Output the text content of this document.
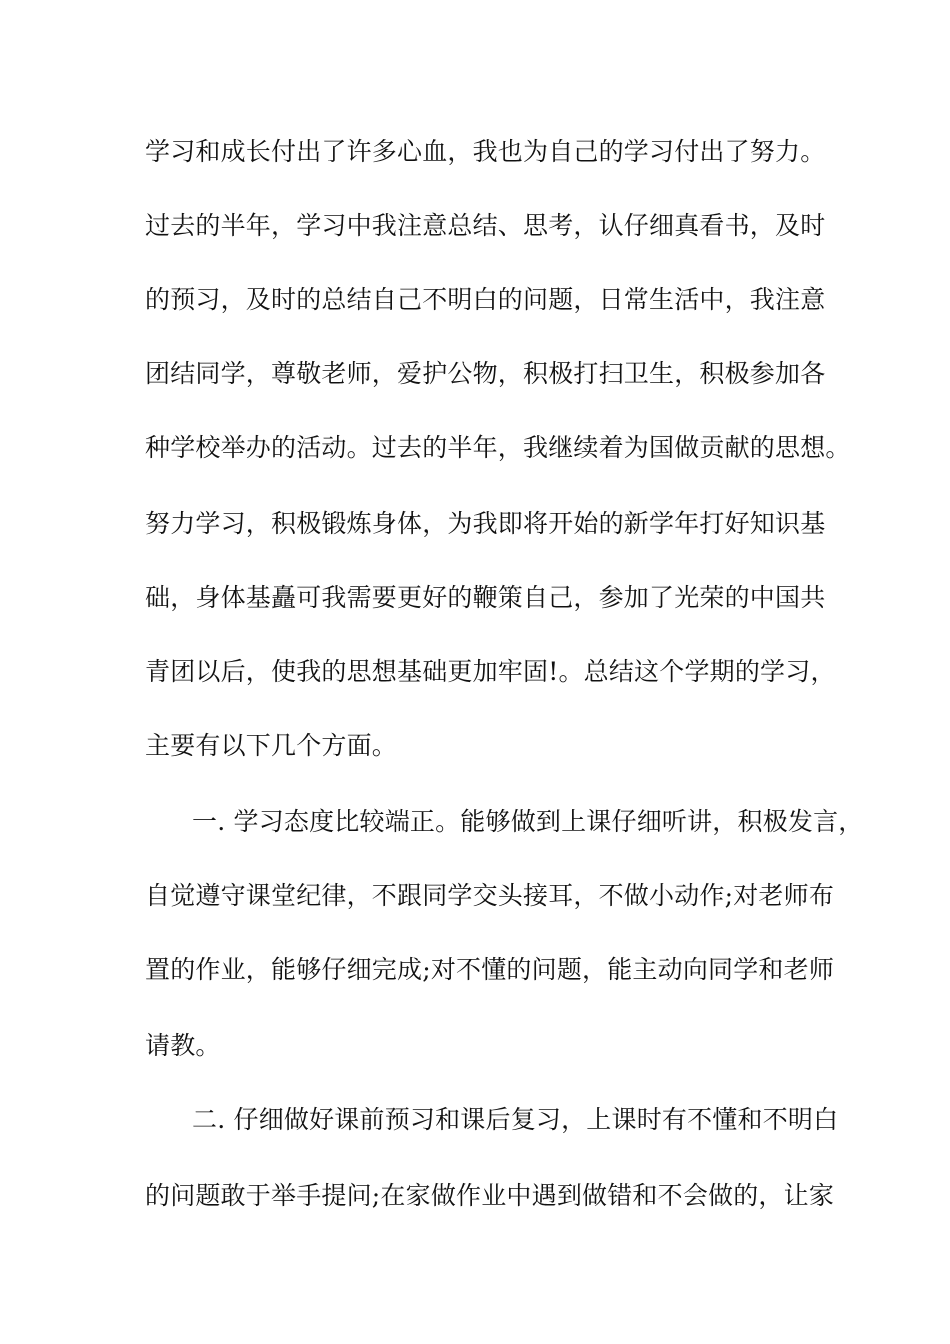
学习和成长付出了许多心血，我也为自己的学习付出了努力。
过去的半年，学习中我注意总结、思考，认仔细真看书，及时
的预习，及时的总结自己不明白的问题，日常生活中，我注意
团结同学，尊敬老师，爱护公物，积极打扫卫生，积极参加各
种学校举办的活动。过去的半年，我继续着为国做贡献的思想。
努力学习，积极锻炼身体，为我即将开始的新学年打好知识基
础，身体基矗可我需要更好的鞭策自己，参加了光荣的中国共
青团以后，使我的思想基础更加牢固!。总结这个学期的学习，
主要有以下几个方面。
一. 学习态度比较端正。能够做到上课仔细听讲，积极发言，
自觉遵守课堂纪律，不跟同学交头接耳，不做小动作;对老师布
置的作业，能够仔细完成;对不懂的问题，能主动向同学和老师
请教。
二. 仔细做好课前预习和课后复习，上课时有不懂和不明白
的问题敢于举手提问;在家做作业中遇到做错和不会做的，让家
